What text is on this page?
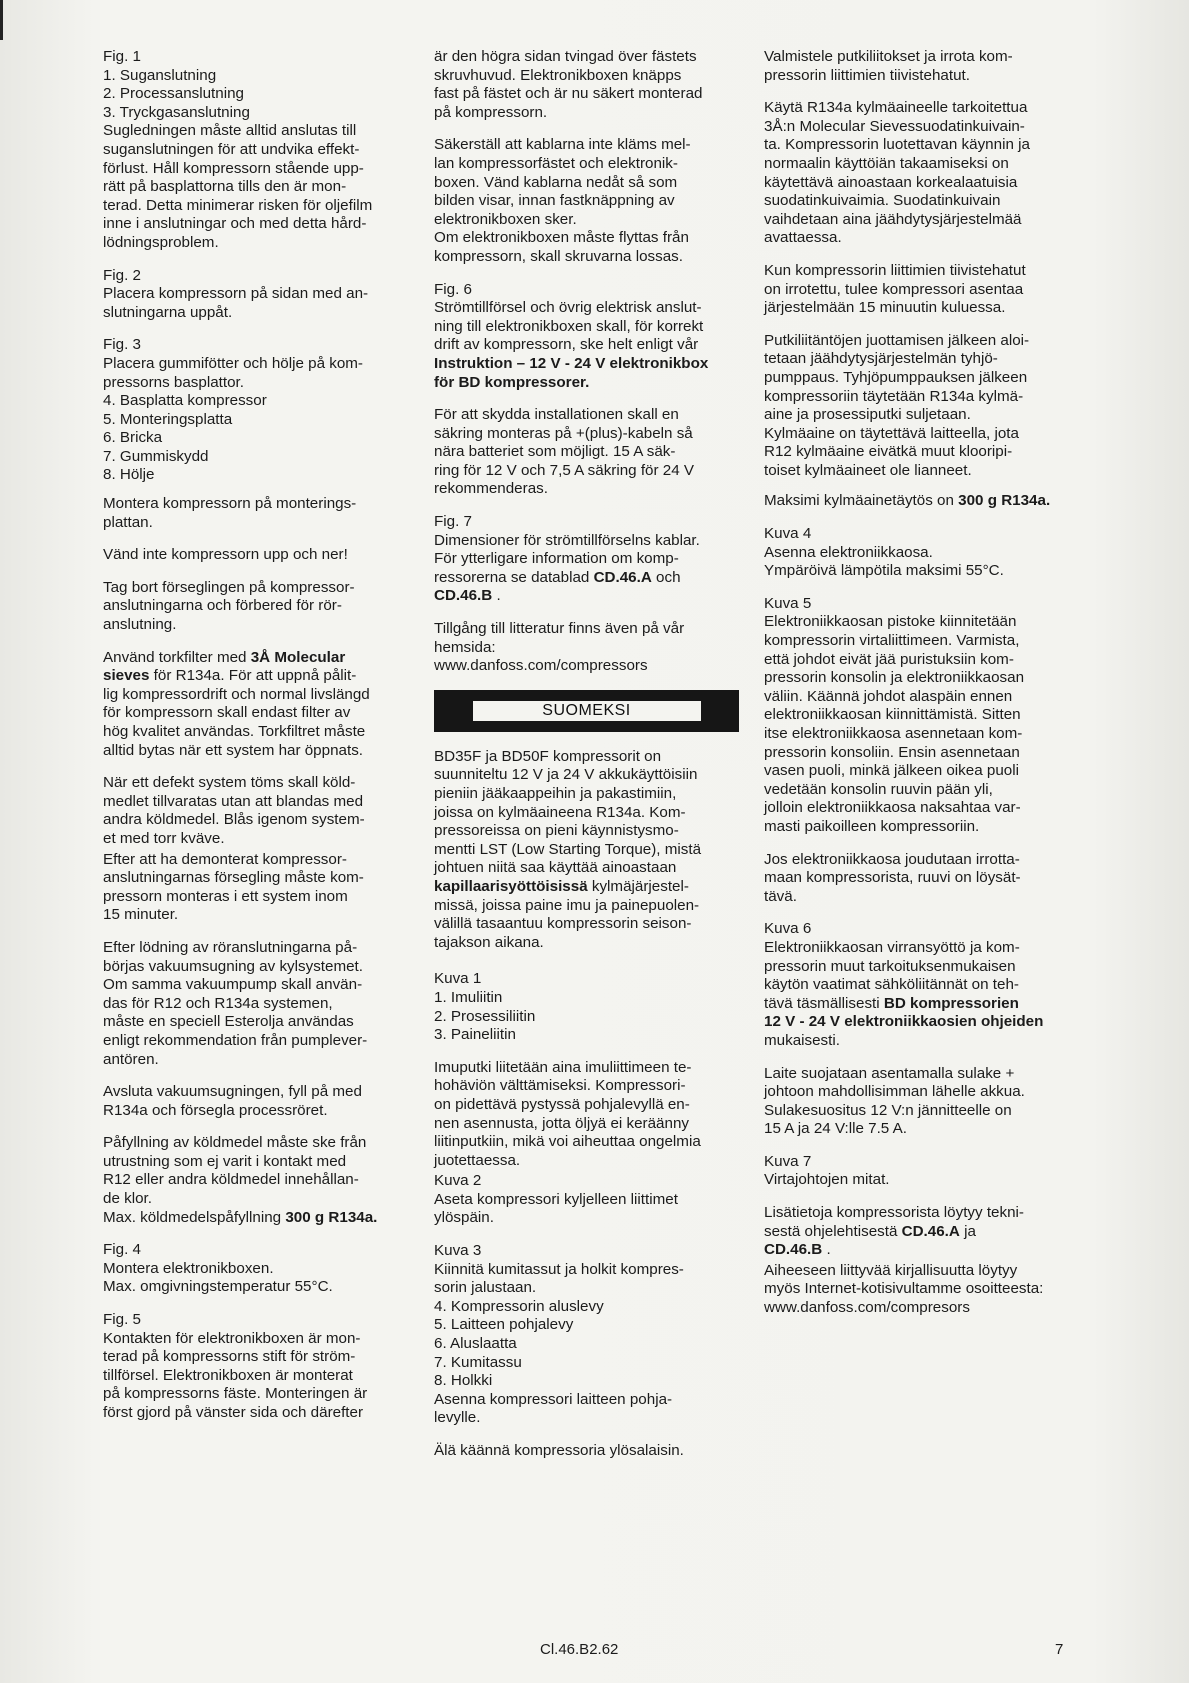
Fig. 1
1. Suganslutning
2. Processanslutning
3. Tryckgasanslutning
Sugledningen måste alltid anslutas till
suganslutningen för att undvika effekt-
förlust. Håll kompressorn stående upp-
rätt på basplattorna tills den är mon-
terad. Detta minimerar risken för oljefilm
inne i anslutningar och med detta hård-
lödningsproblem.
Fig. 2
Placera kompressorn på sidan med an-
slutningarna uppåt.
Fig. 3
Placera gummifötter och hölje på kom-
pressorns basplattor.
4. Basplatta kompressor
5. Monteringsplatta
6. Bricka
7. Gummiskydd
8. Hölje
Montera kompressorn på monterings-
plattan.
Vänd inte kompressorn upp och ner!
Tag bort förseglingen på kompressor-
anslutningarna och förbered för rör-
anslutning.
Använd torkfilter med 3Å Molecular
sieves för R134a. För att uppnå pålit-
lig kompressordrift och normal livslängd
för kompressorn skall endast filter av
hög kvalitet användas. Torkfiltret måste
alltid bytas när ett system har öppnats.
När ett defekt system töms skall köld-
medlet tillvaratas utan att blandas med
andra köldmedel. Blås igenom system-
et med torr kväve.
Efter att ha demonterat kompressor-
anslutningarnas försegling måste kom-
pressorn monteras i ett system inom
15 minuter.
Efter lödning av röranslutningarna på-
börjas vakuumsugning av kylsystemet.
Om samma vakuumpump skall använ-
das för R12 och R134a systemen,
måste en speciell Esterolja användas
enligt rekommendation från pumplever-
antören.
Avsluta vakuumsugningen, fyll på med
R134a och försegla processröret.
Påfyllning av köldmedel måste ske från
utrustning som ej varit i kontakt med
R12 eller andra köldmedel innehållan-
de klor.
Max. köldmedelspåfyllning 300 g R134a.
Fig. 4
Montera elektronikboxen.
Max. omgivningstemperatur 55°C.
Fig. 5
Kontakten för elektronikboxen är mon-
terad på kompressorns stift för ström-
tillförsel. Elektronikboxen är monterat
på kompressorns fäste. Monteringen är
först gjord på vänster sida och därefter
är den högra sidan tvingad över fästets
skruvhuvud. Elektronikboxen knäpps
fast på fästet och är nu säkert monterad
på kompressorn.
Säkerställ att kablarna inte kläms mel-
lan kompressorfästet och elektronik-
boxen. Vänd kablarna nedåt så som
bilden visar, innan fastknäppning av
elektronikboxen sker.
Om elektronikboxen måste flyttas från
kompressorn, skall skruvarna lossas.
Fig. 6
Strömtillförsel och övrig elektrisk anslut-
ning till elektronikboxen skall, för korrekt
drift av kompressorn, ske helt enligt vår
Instruktion – 12 V - 24 V elektronikbox
för BD kompressorer.
För att skydda installationen skall en
säkring monteras på +(plus)-kabeln så
nära batteriet som möjligt. 15 A säk-
ring för 12 V och 7,5 A säkring för 24 V
rekommenderas.
Fig. 7
Dimensioner för strömtillförselns kablar.
För ytterligare information om komp-
ressorerna se datablad CD.46.A och
CD.46.B .
Tillgång till litteratur finns även på vår
hemsida:
www.danfoss.com/compressors
SUOMEKSI
BD35F ja BD50F kompressorit on
suunniteltu 12 V ja 24 V akkukäyttöisiin
pieniin jääkaappeihin ja pakastimiin,
joissa on kylmäaineena R134a. Kom-
pressoreissa on pieni käynnistysmo-
mentti LST (Low Starting Torque), mistä
johtuen niitä saa käyttää ainoastaan
kapillaarisyöttöisissä kylmäjärjestel-
missä, joissa paine imu ja painepuolen-
välillä tasaantuu kompressorin seison-
tajakson aikana.
Kuva 1
1. Imuliitin
2. Prosessiliitin
3. Paineliitin
Imuputki liitetään aina imuliittimeen te-
hohäviön välttämiseksi. Kompressori-
on pidettävä pystyssä pohjalevyllä en-
nen asennusta, jotta öljyä ei keräänny
liitinputkiin, mikä voi aiheuttaa ongelmia
juotettaessa.
Kuva 2
Aseta kompressori kyljelleen liittimet
ylöspäin.
Kuva 3
Kiinnitä kumitassut ja holkit kompres-
sorin jalustaan.
4. Kompressorin aluslevy
5. Laitteen pohjalevy
6. Aluslaatta
7. Kumitassu
8. Holkki
Asenna kompressori laitteen pohja-
levylle.
Älä käännä kompressoria ylösalaisin.
Valmistele putkiliitokset ja irrota kom-
pressorin liittimien tiivistehatut.
Käytä R134a kylmäaineelle tarkoitettua
3Å:n Molecular Sievessuodatinkuivain-
ta. Kompressorin luotettavan käynnin ja
normaalin käyttöiän takaamiseksi on
käytettävä ainoastaan korkealaatuisia
suodatinkuivaimia. Suodatinkuivain
vaihdetaan aina jäähdytysjärjestelmää
avattaessa.
Kun kompressorin liittimien tiivistehatut
on irrotettu, tulee kompressori asentaa
järjestelmään 15 minuutin kuluessa.
Putkiliitäntöjen juottamisen jälkeen aloi-
tetaan jäähdytysjärjestelmän tyhjö-
pumppaus. Tyhjöpumppauksen jälkeen
kompressoriin täytetään R134a kylmä-
aine ja prosessiputki suljetaan.
Kylmäaine on täytettävä laitteella, jota
R12 kylmäaine eivätkä muut klooripi-
toiset kylmäaineet ole lianneet.
Maksimi kylmäainetäytös on 300 g R134a.
Kuva 4
Asenna elektroniikkaosa.
Ympäröivä lämpötila maksimi 55°C.
Kuva 5
Elektroniikkaosan pistoke kiinnitetään
kompressorin virtaliittimeen. Varmista,
että johdot eivät jää puristuksiin kom-
pressorin konsolin ja elektroniikkaosan
väliin. Käännä johdot alaspäin ennen
elektroniikkaosan kiinnittämistä. Sitten
itse elektroniikkaosa asennetaan kom-
pressorin konsoliin. Ensin asennetaan
vasen puoli, minkä jälkeen oikea puoli
vedetään konsolin ruuvin pään yli,
jolloin elektroniikkaosa naksahtaa var-
masti paikoilleen kompressoriin.
Jos elektroniikkaosa joudutaan irrotta-
maan kompressorista, ruuvi on löysät-
tävä.
Kuva 6
Elektroniikkaosan virransyöttö ja kom-
pressorin muut tarkoituksenmukaisen
käytön vaatimat sähköliitännät on teh-
tävä täsmällisesti BD kompressorien
12 V - 24 V elektroniikkaosien ohjeiden
mukaisesti.
Laite suojataan asentamalla sulake +
johtoon mahdollisimman lähelle akkua.
Sulakesuositus 12 V:n jännitteelle on
15 A ja 24 V:lle 7.5 A.
Kuva 7
Virtajohtojen mitat.
Lisätietoja kompressorista löytyy tekni-
sestä ohjelehtisestä CD.46.A ja
CD.46.B .
Aiheeseen liittyvää kirjallisuutta löytyy
myös Internet-kotisivultamme osoitteesta:
www.danfoss.com/compresors
Cl.46.B2.62	7
